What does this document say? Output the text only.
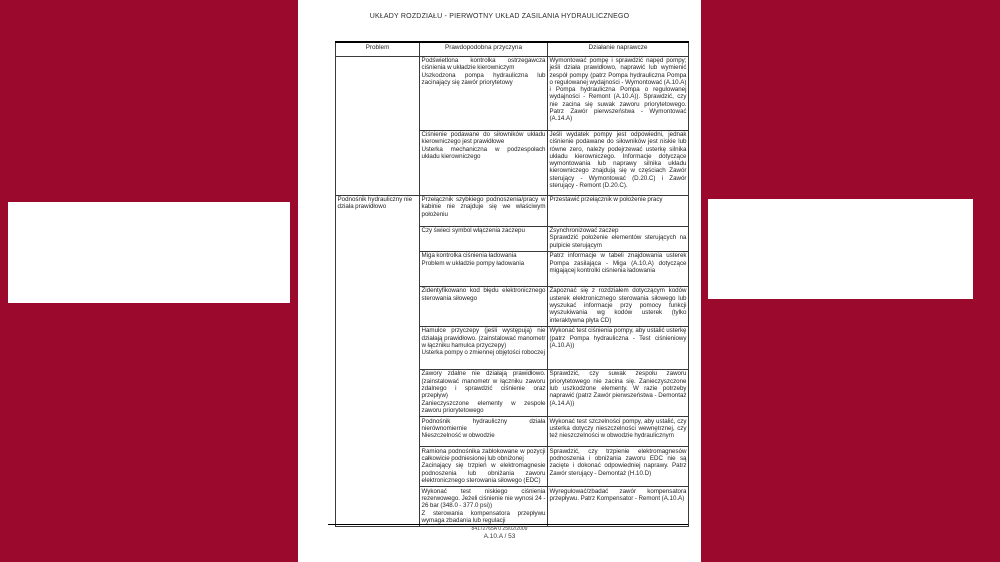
UKŁADY ROZDZIAŁU - PIERWOTNY UKŁAD ZASILANIA HYDRAULICZNEGO
Problem	Prawdopodobna przyczyna	Działanie naprawcze

	Podświetlona kontrolka ostrzegawcza ciśnienia w układzie kierowniczym
Uszkodzona pompa hydrauliczna lub zacinający się zawór priorytetowy	Wymontować pompę i sprawdzić napęd pompy; jeśli działa prawidłowo, naprawić lub wymienić zespół pompy (patrz Pompa hydrauliczna Pompa o regulowanej wydajności - Wymontować (A.10.A) i Pompa hydrauliczna Pompa o regulowanej wydajności - Remont (A.10.A)). Sprawdzić, czy nie zacina się suwak zaworu priorytetowego. Patrz Zawór pierwszeństwa - Wymontować (A.14.A)

	Ciśnienie podawane do siłowników układu kierowniczego jest prawidłowe
Usterka mechaniczna w podzespołach układu kierowniczego	Jeśli wydatek pompy jest odpowiedni, jednak ciśnienie podawane do siłowników jest niskie lub równe zero, należy podejrzewać usterkę silnika układu kierowniczego. Informacje dotyczące wymontowania lub naprawy silnika układu kierowniczego znajdują się w częściach Zawór sterujący - Wymontować (D.20.C) i Zawór sterujący - Remont (D.20.C).

Podnośnik hydrauliczny nie działa prawidłowo	Przełącznik szybkiego podnoszenia/pracy w kabinie nie znajduje się we właściwym położeniu	Przestawić przełącznik w położenie pracy

	Czy świeci symbol włączenia zaczepu	Zsynchronizować zaczep
Sprawdzić położenie elementów sterujących na pulpicie sterującym

	Miga kontrolka ciśnienia ładowania
Problem w układzie pompy ładowania	Patrz informacje w tabeli znajdowania usterek Pompa zasilająca - Miga (A.10.A) dotyczące migającej kontrolki ciśnienia ładowania

	Zidentyfikowano kod błędu elektronicznego sterowania siłowego	Zapoznać się z rozdziałem dotyczącym kodów usterek elektronicznego sterowania siłowego lub wyszukać informacje przy pomocy funkcji wyszukiwania wg kodów usterek (tylko interaktywna płyta CD)

	Hamulce przyczepy (jeśli występują) nie działają prawidłowo. (zainstalować manometr w łączniku hamulca przyczepy)
Usterka pompy o zmiennej objętości roboczej	Wykonać test ciśnienia pompy, aby ustalić usterkę (patrz Pompa hydrauliczna - Test ciśnieniowy (A.10.A))

	Zawory zdalne nie działają prawidłowo. (zainstalować manometr w łączniku zaworu zdalnego i sprawdzić ciśnienie oraz przepływ)
Zanieczyszczone elementy w zespole zaworu priorytetowego	Sprawdzić, czy suwak zespołu zaworu priorytetowego nie zacina się. Zanieczyszczone lub uszkodzone elementy. W razie potrzeby naprawić (patrz Zawór pierwszeństwa - Demontaż (A.14.A))

	Podnośnik hydrauliczny działa nierównomiernie
Nieszczelność w obwodzie	Wykonać test szczelności pompy, aby ustalić, czy usterka dotyczy nieszczelności wewnętrznej, czy też nieszczelności w obwodzie hydraulicznym

	Ramiona podnośnika zablokowane w pozycji całkowicie podniesionej lub obniżonej
Zacinający się trzpień w elektromagnesie podnoszenia lub obniżania zaworu elektronicznego sterowania siłowego (EDC)	Sprawdzić, czy trzpienie elektromagnesów podnoszenia i obniżania zaworu EDC nie są zacięte i dokonać odpowiedniej naprawy. Patrz Zawór sterujący - Demontaż (H.10.D)

	Wykonać test niskiego ciśnienia rezerwowego. Jeżeli ciśnienie nie wynosi 24 - 26 bar (348.0 - 377.0 psi))
Z sterowania kompensatora przepływu wymaga zbadania lub regulacji	Wyregulować/zbadać zawór kompensatora przepływu. Patrz Kompensator - Remont (A.10.A)
84172765A 0 25/02/2009
A.10.A / 53
